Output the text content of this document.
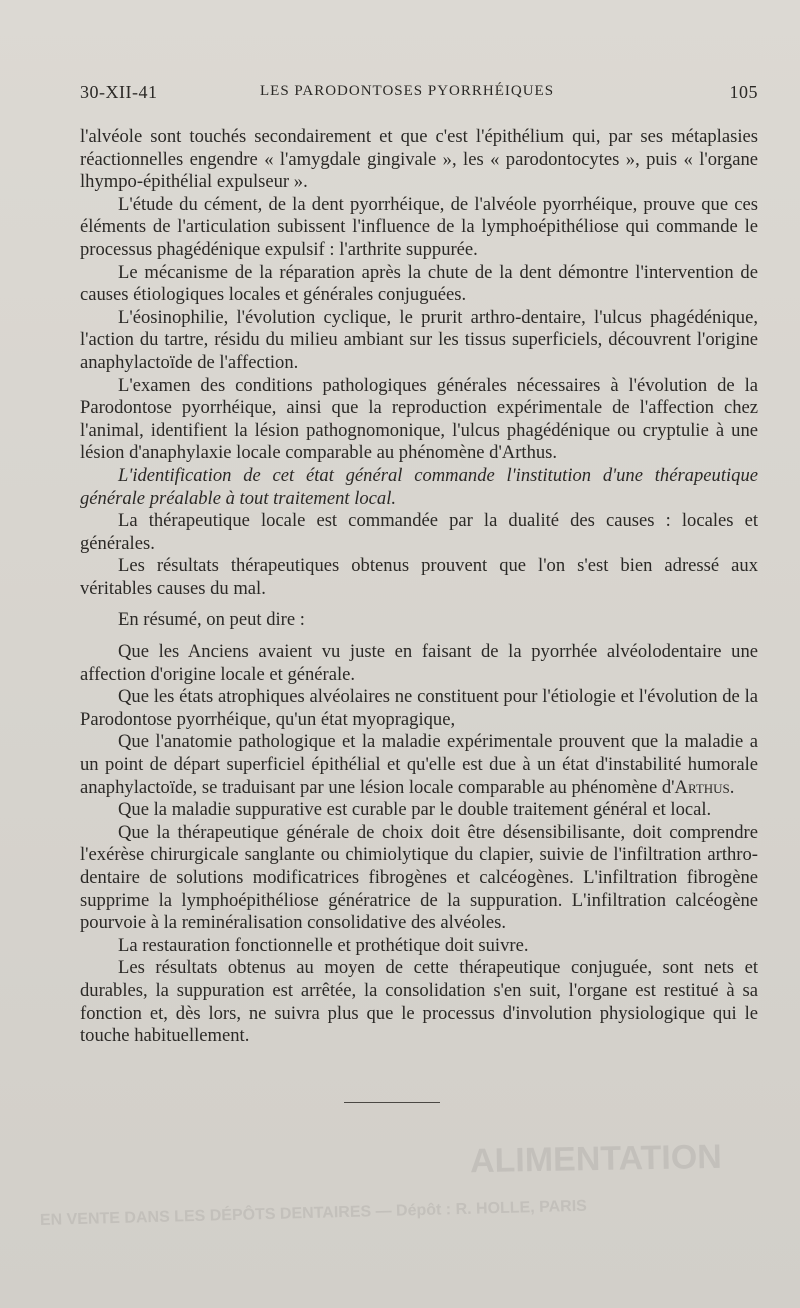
ALIMENTATION
EN VENTE DANS LES DÉPÔTS DENTAIRES — Dépôt : R. HOLLE, PARIS
30-XII-41	LES PARODONTOSES PYORRHÉIQUES	105

l'alvéole sont touchés secondairement et que c'est l'épithélium qui, par ses métaplasies réactionnelles engendre « l'amygdale gingivale », les « parodontocytes », puis « l'organe lhympo-épithélial expulseur ».

L'étude du cément, de la dent pyorrhéique, de l'alvéole pyorrhéique, prouve que ces éléments de l'articulation subissent l'influence de la lymphoépithéliose qui commande le processus phagédénique expulsif : l'arthrite suppurée.

Le mécanisme de la réparation après la chute de la dent démontre l'intervention de causes étiologiques locales et générales conjuguées.

L'éosinophilie, l'évolution cyclique, le prurit arthro-dentaire, l'ulcus phagédénique, l'action du tartre, résidu du milieu ambiant sur les tissus superficiels, découvrent l'origine anaphylactoïde de l'affection.

L'examen des conditions pathologiques générales nécessaires à l'évolution de la Parodontose pyorrhéique, ainsi que la reproduction expérimentale de l'affection chez l'animal, identifient la lésion pathognomonique, l'ulcus phagédénique ou cryptulie à une lésion d'anaphylaxie locale comparable au phénomène d'Arthus.

L'identification de cet état général commande l'institution d'une thérapeutique générale préalable à tout traitement local.

La thérapeutique locale est commandée par la dualité des causes : locales et générales.

Les résultats thérapeutiques obtenus prouvent que l'on s'est bien adressé aux véritables causes du mal.

En résumé, on peut dire :

Que les Anciens avaient vu juste en faisant de la pyorrhée alvéolodentaire une affection d'origine locale et générale.

Que les états atrophiques alvéolaires ne constituent pour l'étiologie et l'évolution de la Parodontose pyorrhéique, qu'un état myopragique,

Que l'anatomie pathologique et la maladie expérimentale prouvent que la maladie a un point de départ superficiel épithélial et qu'elle est due à un état d'instabilité humorale anaphylactoïde, se traduisant par une lésion locale comparable au phénomène d'Arthus.

Que la maladie suppurative est curable par le double traitement général et local.

Que la thérapeutique générale de choix doit être désensibilisante, doit comprendre l'exérèse chirurgicale sanglante ou chimiolytique du clapier, suivie de l'infiltration arthro-dentaire de solutions modificatrices fibrogènes et calcéogènes. L'infiltration fibrogène supprime la lymphoépithéliose génératrice de la suppuration. L'infiltration calcéogène pourvoie à la reminéralisation consolidative des alvéoles.

La restauration fonctionnelle et prothétique doit suivre.

Les résultats obtenus au moyen de cette thérapeutique conjuguée, sont nets et durables, la suppuration est arrêtée, la consolidation s'en suit, l'organe est restitué à sa fonction et, dès lors, ne suivra plus que le processus d'involution physiologique qui le touche habituellement.
